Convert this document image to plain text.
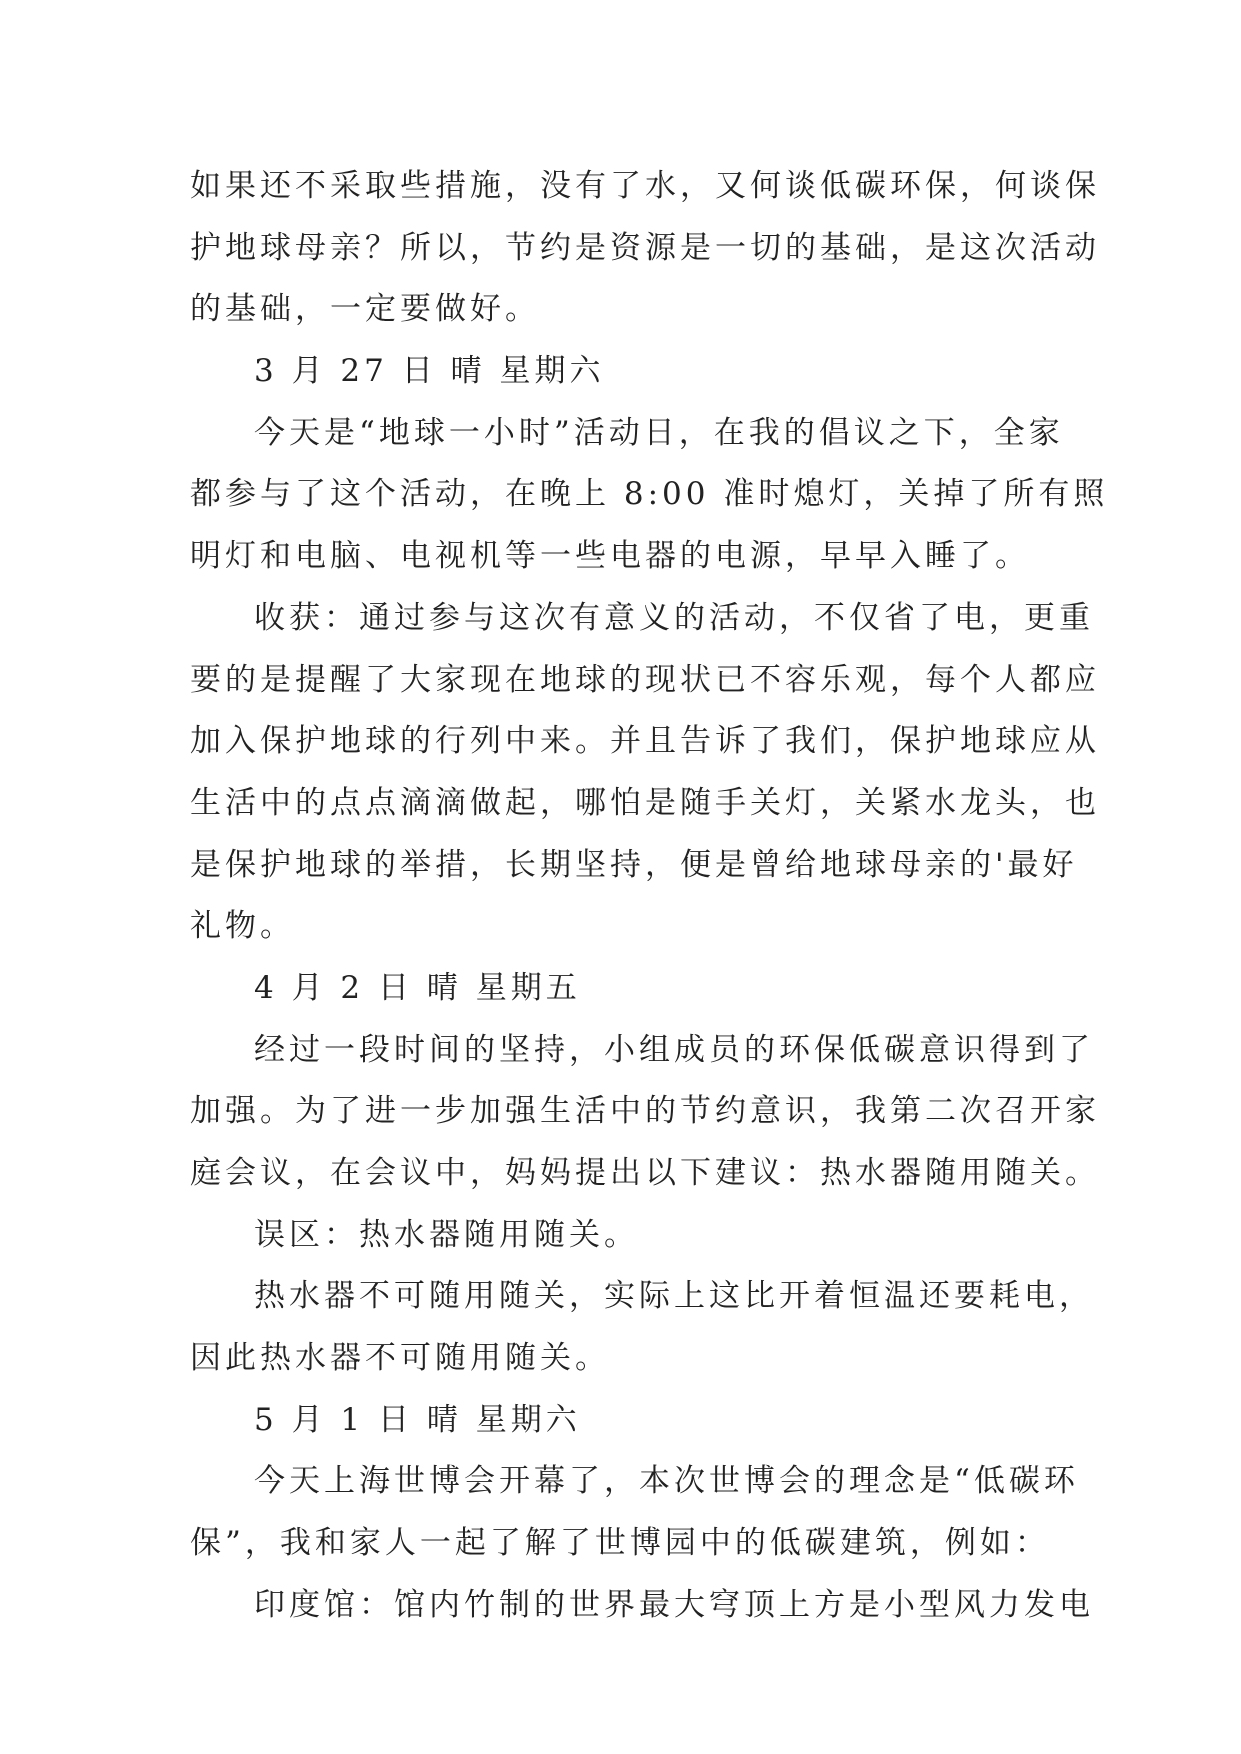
如果还不采取些措施，没有了水，又何谈低碳环保，何谈保
护地球母亲？所以，节约是资源是一切的基础，是这次活动
的基础，一定要做好。
3 月 27 日 晴 星期六
今天是“地球一小时”活动日，在我的倡议之下，全家
都参与了这个活动，在晚上 8:00 准时熄灯，关掉了所有照
明灯和电脑、电视机等一些电器的电源，早早入睡了。
收获：通过参与这次有意义的活动，不仅省了电，更重
要的是提醒了大家现在地球的现状已不容乐观，每个人都应
加入保护地球的行列中来。并且告诉了我们，保护地球应从
生活中的点点滴滴做起，哪怕是随手关灯，关紧水龙头，也
是保护地球的举措，长期坚持，便是曾给地球母亲的'最好
礼物。
4 月 2 日 晴 星期五
经过一段时间的坚持，小组成员的环保低碳意识得到了
加强。为了进一步加强生活中的节约意识，我第二次召开家
庭会议，在会议中，妈妈提出以下建议：热水器随用随关。
误区：热水器随用随关。
热水器不可随用随关，实际上这比开着恒温还要耗电，
因此热水器不可随用随关。
5 月 1 日 晴 星期六
今天上海世博会开幕了，本次世博会的理念是“低碳环
保”，我和家人一起了解了世博园中的低碳建筑，例如：
印度馆：馆内竹制的世界最大穹顶上方是小型风力发电
